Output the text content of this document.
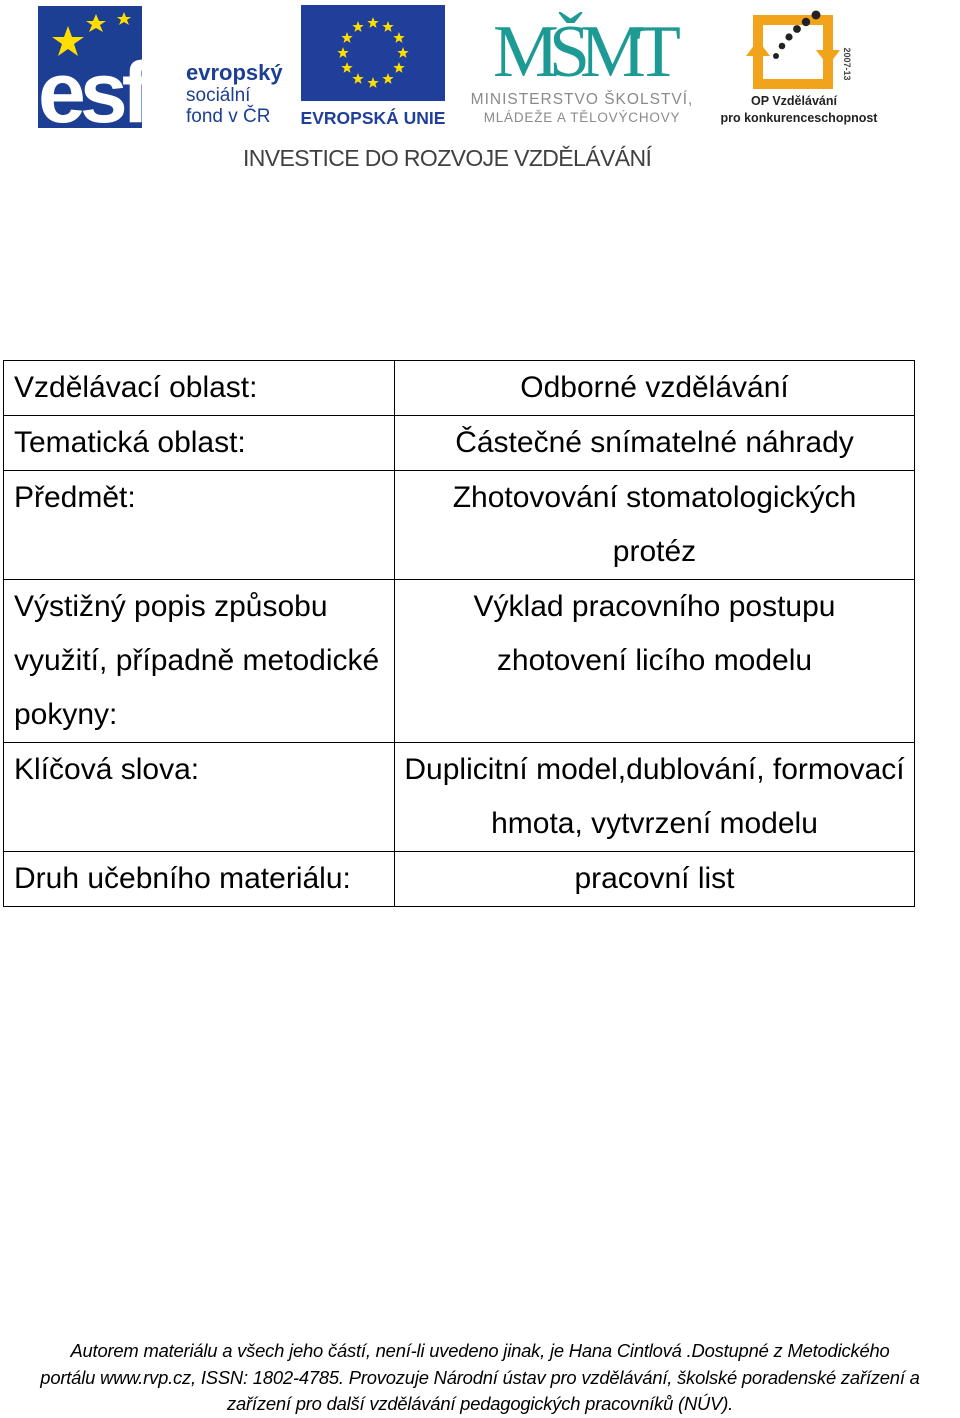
esf evropský
sociální
fond v ČR EVROPSKÁ UNIE
MŠMT
MINISTERSTVO ŠKOLSTVÍ,
MLÁDEŽE A TĚLOVÝCHOVY
2007-13
OP Vzdělávání
pro konkurenceschopnost
INVESTICE DO ROZVOJE VZDĚLÁVÁNÍ
Vzdělávací oblast:	Odborné vzdělávání
Tematická oblast:	Částečné snímatelné náhrady
Předmět:	Zhotovování stomatologických protéz
Výstižný popis způsobu využití, případně metodické pokyny:	Výklad pracovního postupu zhotovení licího modelu
Klíčová slova:	Duplicitní model,dublování, formovací hmota, vytvrzení modelu
Druh učebního materiálu:	pracovní list
Autorem materiálu a všech jeho částí, není-li uvedeno jinak, je Hana Cintlová .Dostupné z Metodického
portálu www.rvp.cz, ISSN: 1802-4785. Provozuje Národní ústav pro vzdělávání, školské poradenské zařízení a
zařízení pro další vzdělávání pedagogických pracovníků (NÚV).
